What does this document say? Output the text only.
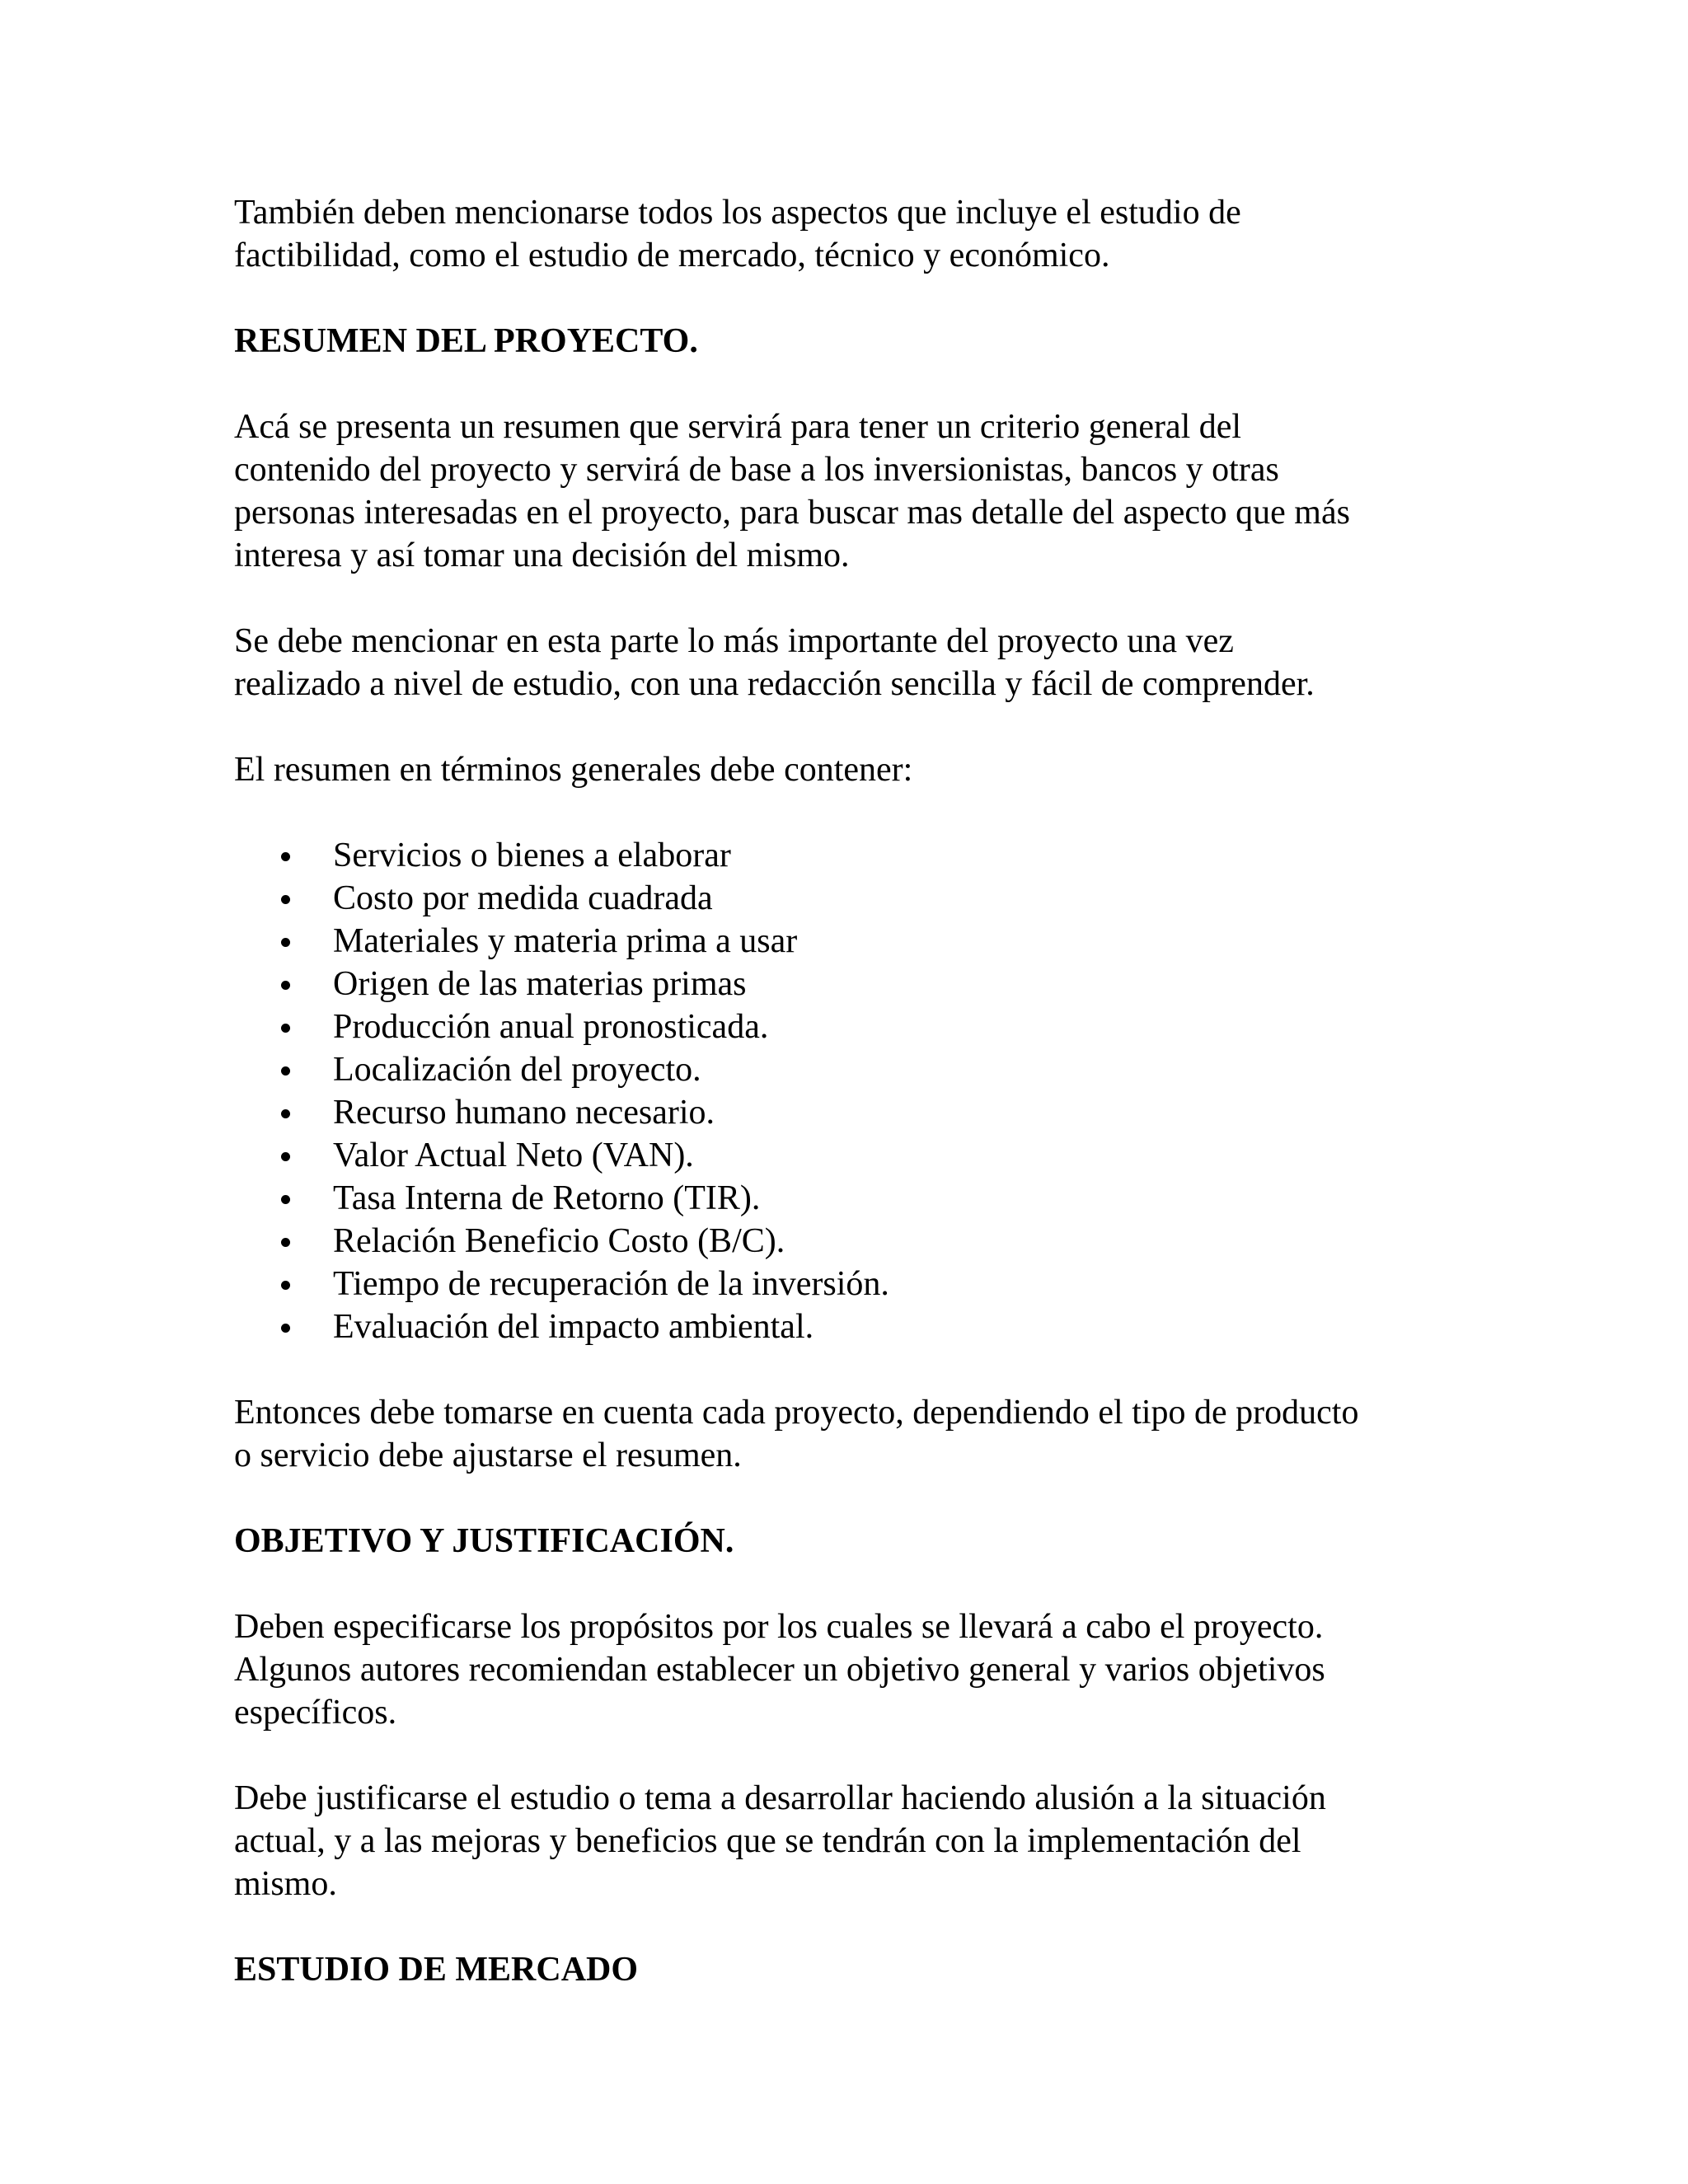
También deben mencionarse todos los aspectos que incluye el estudio de
factibilidad, como el estudio de mercado, técnico y económico.
RESUMEN DEL PROYECTO.
Acá se presenta un resumen que servirá para tener un criterio general del
contenido del proyecto y servirá de base a los inversionistas, bancos y otras
personas interesadas en el proyecto, para buscar mas detalle del aspecto que más
interesa y así tomar una decisión del mismo.
Se debe mencionar en esta parte lo más importante del proyecto una vez
realizado a nivel de estudio, con una redacción sencilla y fácil de comprender.
El resumen en términos generales debe contener:
Servicios o bienes a elaborar
Costo por medida cuadrada
Materiales y materia prima a usar
Origen de las materias primas
Producción anual pronosticada.
Localización del proyecto.
Recurso humano necesario.
Valor Actual Neto (VAN).
Tasa Interna de Retorno (TIR).
Relación Beneficio Costo (B/C).
Tiempo de recuperación de la inversión.
Evaluación del impacto ambiental.
Entonces debe tomarse en cuenta cada proyecto, dependiendo el tipo de producto
o servicio debe ajustarse el resumen.
OBJETIVO Y JUSTIFICACIÓN.
Deben especificarse los propósitos por los cuales se llevará a cabo el proyecto.
Algunos autores recomiendan establecer un objetivo general y varios objetivos
específicos.
Debe justificarse el estudio o tema a desarrollar haciendo alusión a la situación
actual, y a las mejoras y beneficios que se tendrán con la implementación del
mismo.
ESTUDIO DE MERCADO
